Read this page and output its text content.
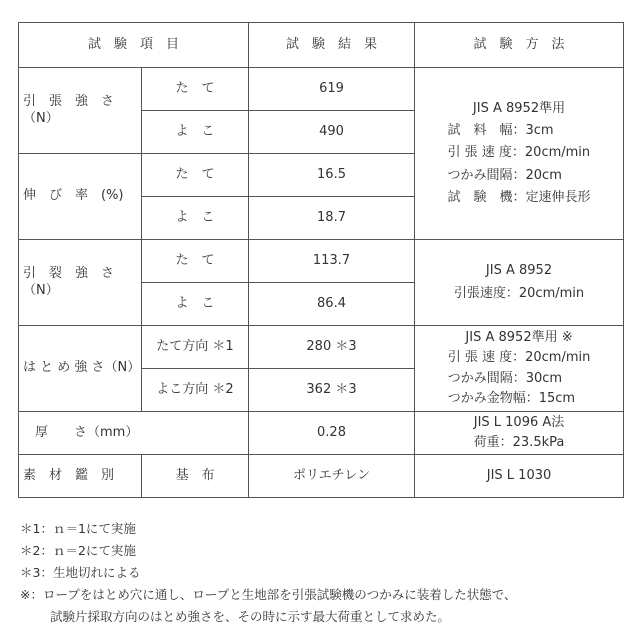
試　験　項　目		試　験　結　果	試　験　方　法
引　張　強　さ（N）	た　て	619	JIS A 8952準用
試　料　幅：3cm
引 張 速 度：20cm/min
つかみ間隔：20cm
試　験　機：定速伸長形

	よ　こ	490	
伸　び　率　(%)	た　て	16.5	
	よ　こ	18.7	
引　裂　強　さ（N）	た　て	113.7	JIS A 8952
引張速度：20cm/min

	よ　こ	86.4	
は と め 強 さ（N）	たて方向 ＊1	280 ＊3	JIS A 8952準用 ※
引 張 速 度：20cm/min
つかみ間隔：30cm
つかみ金物幅：15cm

	よこ方向 ＊2	362 ＊3	
厚　　さ（mm）		0.28	JIS L 1096 A法
荷重：23.5kPa

素　材　鑑　別	基　布	ポリエチレン	JIS L 1030
＊1：ｎ＝1にて実施
＊2：ｎ＝2にて実施
＊3：生地切れによる
※：ロープをはとめ穴に通し、ロープと生地部を引張試験機のつかみに装着した状態で、
試験片採取方向のはとめ強さを、その時に示す最大荷重として求めた。
